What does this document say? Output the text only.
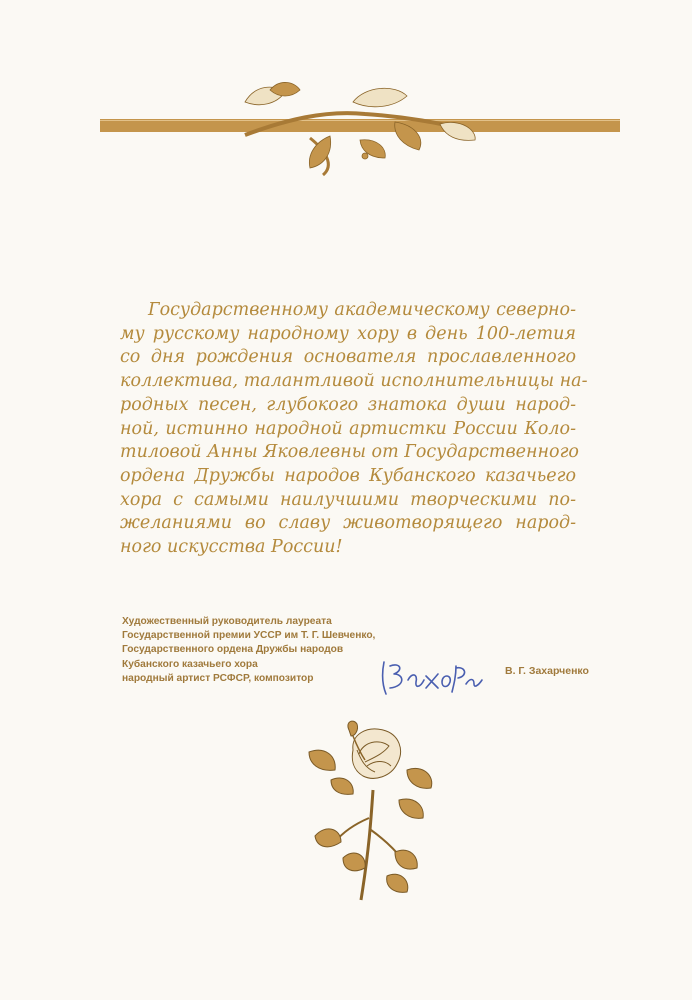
Государственному академическому северно-
му русскому народному хору в день 100-летия
со дня рождения основателя прославленного
коллектива, талантливой исполнительницы на-
родных песен, глубокого знатока души народ-
ной, истинно народной артистки России Коло-
тиловой Анны Яковлевны от Государственного
ордена Дружбы народов Кубанского казачьего
хора с самыми наилучшими творческими по-
желаниями во славу животворящего народ-
ного искусства России!
Художественный руководитель лауреата
Государственной премии УССР им Т. Г. Шевченко,
Государственного ордена Дружбы народов
Кубанского казачьего хора
народный артист РСФСР, композитор
В. Г. Захарченко
